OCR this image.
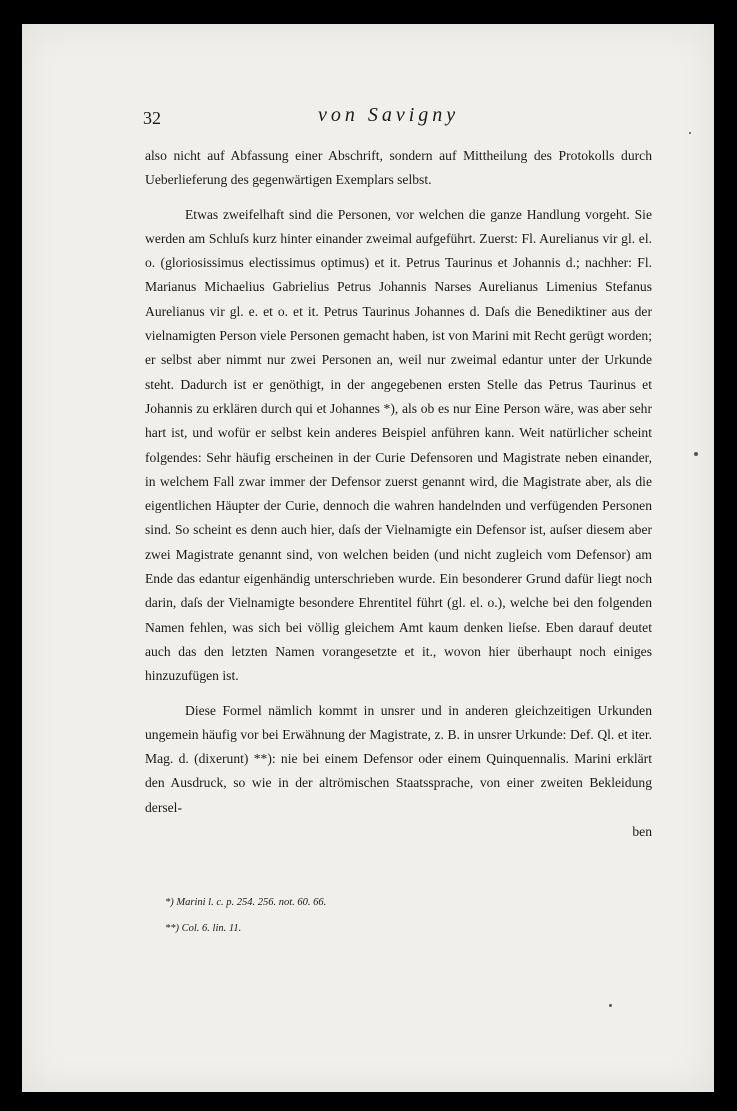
32	von Savigny

also nicht auf Abfassung einer Abschrift, sondern auf Mittheilung des Protokolls durch Ueberlieferung des gegenwärtigen Exemplars selbst.

Etwas zweifelhaft sind die Personen, vor welchen die ganze Handlung vorgeht. Sie werden am Schluſs kurz hinter einander zweimal aufgeführt. Zuerst: Fl. Aurelianus vir gl. el. o. (gloriosissimus electissimus optimus) et it. Petrus Taurinus et Johannis d.; nachher: Fl. Marianus Michaelius Gabrielius Petrus Johannis Narses Aurelianus Limenius Stefanus Aurelianus vir gl. e. et o. et it. Petrus Taurinus Johannes d. Daſs die Benediktiner aus der vielnamigten Person viele Personen gemacht haben, ist von Marini mit Recht gerügt worden; er selbst aber nimmt nur zwei Personen an, weil nur zweimal edantur unter der Urkunde steht. Dadurch ist er genöthigt, in der angegebenen ersten Stelle das Petrus Taurinus et Johannis zu erklären durch qui et Johannes *), als ob es nur Eine Person wäre, was aber sehr hart ist, und wofür er selbst kein anderes Beispiel anführen kann. Weit natürlicher scheint folgendes: Sehr häufig erscheinen in der Curie Defensoren und Magistrate neben einander, in welchem Fall zwar immer der Defensor zuerst genannt wird, die Magistrate aber, als die eigentlichen Häupter der Curie, dennoch die wahren handelnden und verfügenden Personen sind. So scheint es denn auch hier, daſs der Vielnamigte ein Defensor ist, auſser diesem aber zwei Magistrate genannt sind, von welchen beiden (und nicht zugleich vom Defensor) am Ende das edantur eigenhändig unterschrieben wurde. Ein besonderer Grund dafür liegt noch darin, daſs der Vielnamigte besondere Ehrentitel führt (gl. el. o.), welche bei den folgenden Namen fehlen, was sich bei völlig gleichem Amt kaum denken lieſse. Eben darauf deutet auch das den letzten Namen vorangesetzte et it., wovon hier überhaupt noch einiges hinzuzufügen ist.

Diese Formel nämlich kommt in unsrer und in anderen gleichzeitigen Urkunden ungemein häufig vor bei Erwähnung der Magistrate, z. B. in unsrer Urkunde: Def. Ql. et iter. Mag. d. (dixerunt) **): nie bei einem Defensor oder einem Quinquennalis. Marini erklärt den Ausdruck, so wie in der altrömischen Staatssprache, von einer zweiten Bekleidung dersel-

ben
*) Marini l. c. p. 254. 256. not. 60. 66.
**) Col. 6. lin. 11.
